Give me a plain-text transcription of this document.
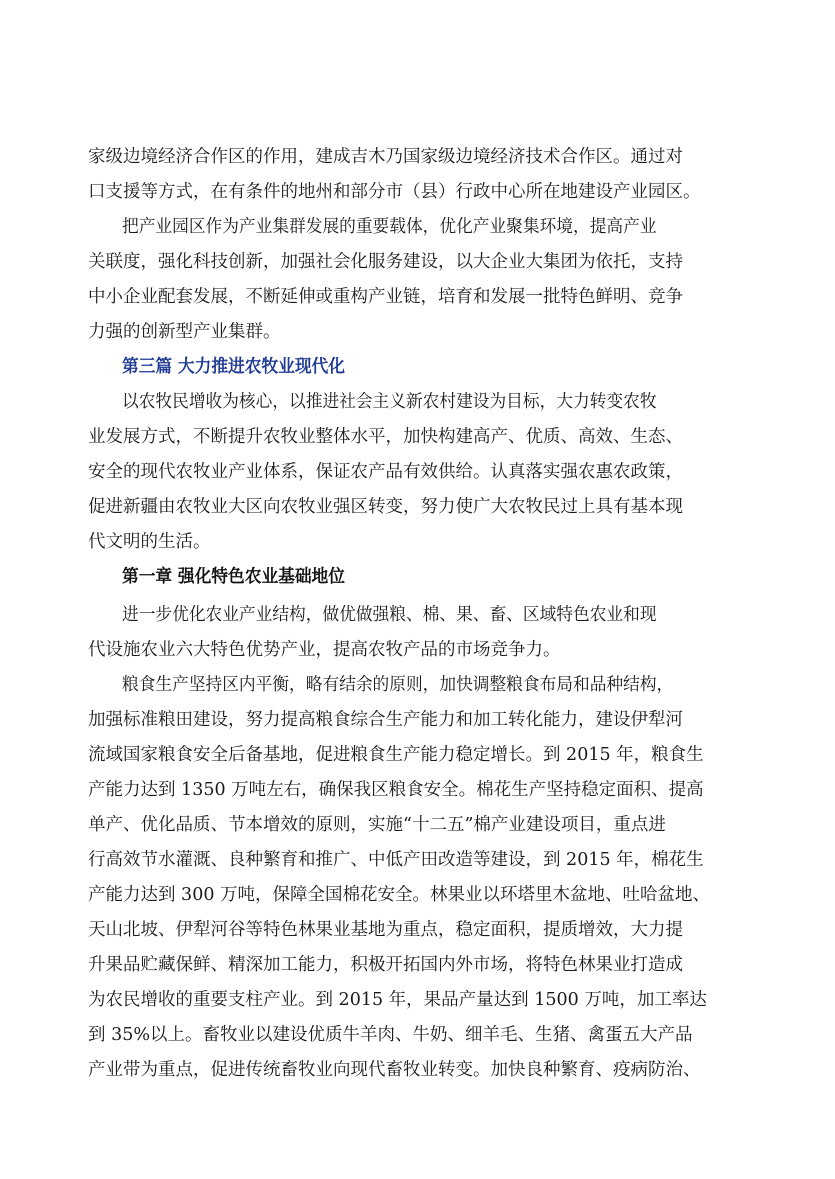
家级边境经济合作区的作用，建成吉木乃国家级边境经济技术合作区。通过对
口支援等方式，在有条件的地州和部分市（县）行政中心所在地建设产业园区。
把产业园区作为产业集群发展的重要载体，优化产业聚集环境，提高产业
关联度，强化科技创新，加强社会化服务建设，以大企业大集团为依托，支持
中小企业配套发展，不断延伸或重构产业链，培育和发展一批特色鲜明、竞争
力强的创新型产业集群。
第三篇 大力推进农牧业现代化
以农牧民增收为核心，以推进社会主义新农村建设为目标，大力转变农牧
业发展方式，不断提升农牧业整体水平，加快构建高产、优质、高效、生态、
安全的现代农牧业产业体系，保证农产品有效供给。认真落实强农惠农政策，
促进新疆由农牧业大区向农牧业强区转变，努力使广大农牧民过上具有基本现
代文明的生活。
第一章 强化特色农业基础地位
进一步优化农业产业结构，做优做强粮、棉、果、畜、区域特色农业和现
代设施农业六大特色优势产业，提高农牧产品的市场竞争力。
粮食生产坚持区内平衡，略有结余的原则，加快调整粮食布局和品种结构，
加强标准粮田建设，努力提高粮食综合生产能力和加工转化能力，建设伊犁河
流域国家粮食安全后备基地，促进粮食生产能力稳定增长。到 2015 年，粮食生
产能力达到 1350 万吨左右，确保我区粮食安全。棉花生产坚持稳定面积、提高
单产、优化品质、节本增效的原则，实施“十二五”棉产业建设项目，重点进
行高效节水灌溉、良种繁育和推广、中低产田改造等建设，到 2015 年，棉花生
产能力达到 300 万吨，保障全国棉花安全。林果业以环塔里木盆地、吐哈盆地、
天山北坡、伊犁河谷等特色林果业基地为重点，稳定面积，提质增效，大力提
升果品贮藏保鲜、精深加工能力，积极开拓国内外市场，将特色林果业打造成
为农民增收的重要支柱产业。到 2015 年，果品产量达到 1500 万吨，加工率达
到 35%以上。畜牧业以建设优质牛羊肉、牛奶、细羊毛、生猪、禽蛋五大产品
产业带为重点，促进传统畜牧业向现代畜牧业转变。加快良种繁育、疫病防治、
